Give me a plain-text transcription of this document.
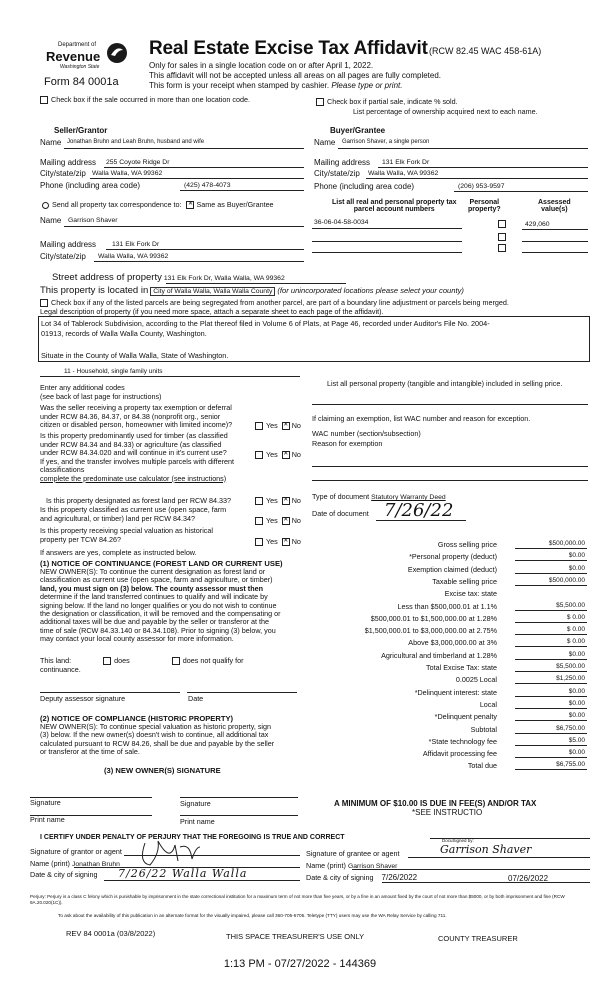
Department of
Revenue
Washington State
Form 84 0001a
Real Estate Excise Tax Affidavit (RCW 82.45 WAC 458-61A)
Only for sales in a single location code on or after April 1, 2022.
This affidavit will not be accepted unless all areas on all pages are fully completed.
This form is your receipt when stamped by cashier. Please type or print.
Check box if the sale occurred in more than one location code.	Check box if partial sale, indicate % sold.
List percentage of ownership acquired next to each name.
Seller/Grantor
Name Jonathan Bruhn and Leah Bruhn, husband and wife
Mailing address 255 Coyote Ridge Dr
City/state/zip Walla Walla, WA 99362
Phone (including area code)	(425) 478-4073
Buyer/Grantee
Name Garrison Shaver, a single person
Mailing address 131 Elk Fork Dr
City/state/zip Walla Walla, WA 99362
Phone (including area code)	(206) 953-9597
Send all property tax correspondence to: ✕ Same as Buyer/Grantee
Name Garrison Shaver
Mailing address 131 Elk Fork Dr
City/state/zip Walla Walla, WA 99362
List all real and personal property tax
parcel account numbers
Personal
property?
Assessed
value(s)
36-06-04-58-0034	429,060
Street address of property 131 Elk Fork Dr, Walla Walla, WA 99362
This property is located in City of Walla Walla, Walla Walla County (for unincorporated locations please select your county)
Check box if any of the listed parcels are being segregated from another parcel, are part of a boundary line adjustment or parcels being merged.
Legal description of property (if you need more space, attach a separate sheet to each page of the affidavit).
Lot 34 of Tablerock Subdivision, according to the Plat thereof filed in Volume 6 of Plats, at Page 46, recorded under Auditor's File No. 2004-
01913, records of Walla Walla County, Washington.
Situate in the County of Walla Walla, State of Washington.
11 - Household, single family units
Enter any additional codes
(see back of last page for instructions)
Was the seller receiving a property tax exemption or deferral
under RCW 84.36, 84.37, or 84.38 (nonprofit org., senior
citizen or disabled person, homeowner with limited income)?	Yes ✕ No
Is this property predominantly used for timber (as classified
under RCW 84.34 and 84.33) or agriculture (as classified
under RCW 84.34.020 and will continue in it's current use?
If yes, and the transfer involves multiple parcels with different classifications
complete the predominate use calculator (see instructions)
Yes ✕ No
Is this property designated as forest land per RCW 84.33?	Yes ✕ No
Is this property classified as current use (open space, farm
and agricultural, or timber) land per RCW 84.34?	Yes ✕ No
Is this property receiving special valuation as historical
property per TCW 84.26?	Yes ✕ No
If answers are yes, complete as instructed below.
(1) NOTICE OF CONTINUANCE (FOREST LAND OR CURRENT USE)
NEW OWNER(S): To continue the current designation as forest land or
classification as current use (open space, farm and agriculture, or timber)
land, you must sign on (3) below. The county assessor must then
determine if the land transferred continues to qualify and will indicate by
signing below. If the land no longer qualifies or you do not wish to continue
the designation or classification, it will be removed and the compensating or
additional taxes will be due and payable by the seller or transferor at the
time of sale (RCW 84.33.140 or 84.34.108). Prior to signing (3) below, you
may contact your local county assessor for more information.
This land:	does	does not qualify for
continuance.
Deputy assessor signature	Date
(2) NOTICE OF COMPLIANCE (HISTORIC PROPERTY)
NEW OWNER(S): To continue special valuation as historic property, sign
(3) below. If the new owner(s) doesn't wish to continue, all additional tax
calculated pursuant to RCW 84.26, shall be due and payable by the seller
or transferor at the time of sale.
(3) NEW OWNER(S) SIGNATURE
Signature	Signature
Print name	Print name
List all personal property (tangible and intangible) included in selling price.
If claiming an exemption, list WAC number and reason for exception.
WAC number (section/subsection)
Reason for exemption
Type of document Statutory Warranty Deed
Date of document 7/26/22
Gross selling price	$500,000.00
*Personal property (deduct)	$0.00
Exemption claimed (deduct)	$0.00
Taxable selling price	$500,000.00
Excise tax: state
Less than $500,000.01 at 1.1%	$5,500.00
$500,000.01 to $1,500,000.00 at 1.28%	$ 0.00
$1,500,000.01 to $3,000,000.00 at 2.75%	$ 0.00
Above $3,000,000.00 at 3%	$ 0.00
Agricultural and timberland at 1.28%	$0.00
Total Excise Tax: state	$5,500.00
0.0025 Local	$1,250.00
*Delinquent interest: state	$0.00
Local	$0.00
*Delinquent penalty	$0.00
Subtotal	$6,750.00
*State technology fee	$5.00
Affidavit processing fee	$0.00
Total due	$6,755.00
A MINIMUM OF $10.00 IS DUE IN FEE(S) AND/OR TAX
*SEE INSTRUCTIO
I CERTIFY UNDER PENALTY OF PERJURY THAT THE FOREGOING IS TRUE AND CORRECT
Signature of grantor or agent
Name (print) Jonathan Bruhn
Date & city of signing 7/26/22 Walla Walla
Signature of grantee or agent
DocuSigned by:
Garrison Shaver
Name (print) Garrison Shaver
Date & city of signing 7/26/2022	07/26/2022
Perjury: Perjury is a class C felony which is punishable by imprisonment in the state correctional institution for a maximum term of not more than five years, or by a fine in an amount fixed by the court of not more than $5000, or by both imprisonment and fine (RCW 9A.20.020(1C)).
To ask about the availability of this publication in an alternate format for the visually impaired, please call 360-705-6705. Teletype (TTY) users may use the WA Relay Service by calling 711.
REV 84 0001a (03/8/2022)	THIS SPACE TREASURER'S USE ONLY	COUNTY TREASURER
1:13 PM - 07/27/2022 - 144369
